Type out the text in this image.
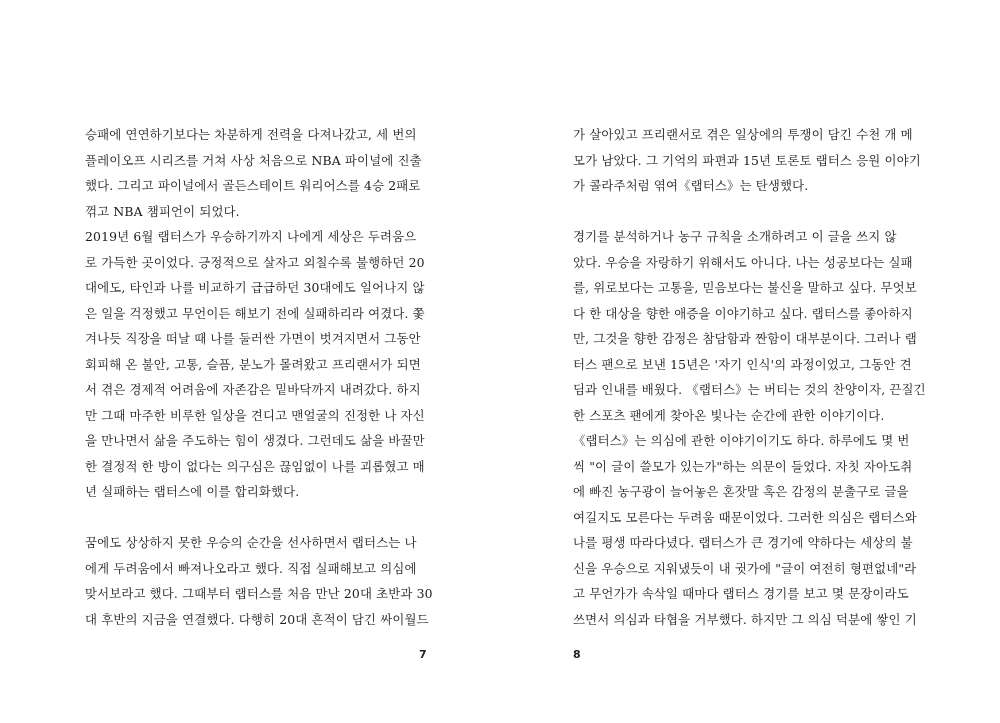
승패에 연연하기보다는 차분하게 전력을 다져나갔고, 세 번의
플레이오프 시리즈를 거쳐 사상 처음으로 NBA 파이널에 진출
했다. 그리고 파이널에서 골든스테이트 워리어스를 4승 2패로
꺾고 NBA 챔피언이 되었다.
2019년 6월 랩터스가 우승하기까지 나에게 세상은 두려움으
로 가득한 곳이었다. 긍정적으로 살자고 외칠수록 불행하던 20
대에도, 타인과 나를 비교하기 급급하던 30대에도 일어나지 않
은 일을 걱정했고 무언이든 해보기 전에 실패하리라 여겼다. 쫓
겨나듯 직장을 떠날 때 나를 둘러싼 가면이 벗겨지면서 그동안
회피해 온 불안, 고통, 슬픔, 분노가 몰려왔고 프리랜서가 되면
서 겪은 경제적 어려움에 자존감은 밑바닥까지 내려갔다. 하지
만 그때 마주한 비루한 일상을 견디고 맨얼굴의 진정한 나 자신
을 만나면서 삶을 주도하는 힘이 생겼다. 그런데도 삶을 바꿀만
한 결정적 한 방이 없다는 의구심은 끊임없이 나를 괴롭혔고 매
년 실패하는 랩터스에 이를 합리화했다.
꿈에도 상상하지 못한 우승의 순간을 선사하면서 랩터스는 나
에게 두려움에서 빠져나오라고 했다. 직접 실패해보고 의심에
맞서보라고 했다. 그때부터 랩터스를 처음 만난 20대 초반과 30
대 후반의 지금을 연결했다. 다행히 20대 흔적이 담긴 싸이월드
7
가 살아있고 프리랜서로 겪은 일상에의 투쟁이 담긴 수천 개 메
모가 남았다. 그 기억의 파편과 15년 토론토 랩터스 응원 이야기
가 콜라주처럼 엮여《랩터스》는 탄생했다.
경기를 분석하거나 농구 규칙을 소개하려고 이 글을 쓰지 않
았다. 우승을 자랑하기 위해서도 아니다. 나는 성공보다는 실패
를, 위로보다는 고통을, 믿음보다는 불신을 말하고 싶다. 무엇보
다 한 대상을 향한 애증을 이야기하고 싶다. 랩터스를 좋아하지
만, 그것을 향한 감정은 참담함과 짠함이 대부분이다. 그러나 랩
터스 팬으로 보낸 15년은 '자기 인식'의 과정이었고, 그동안 견
딤과 인내를 배웠다. 《랩터스》는 버티는 것의 찬양이자, 끈질긴
한 스포츠 팬에게 찾아온 빛나는 순간에 관한 이야기이다.
《랩터스》는 의심에 관한 이야기이기도 하다. 하루에도 몇 번
씩 "이 글이 쓸모가 있는가"하는 의문이 들었다. 자칫 자아도취
에 빠진 농구광이 늘어놓은 혼잣말 혹은 감정의 분출구로 글을
여길지도 모른다는 두려움 때문이었다. 그러한 의심은 랩터스와
나를 평생 따라다녔다. 랩터스가 큰 경기에 약하다는 세상의 불
신을 우승으로 지워냈듯이 내 귓가에 "글이 여전히 형편없네"라
고 무언가가 속삭일 때마다 랩터스 경기를 보고 몇 문장이라도
쓰면서 의심과 타협을 거부했다. 하지만 그 의심 덕분에 쌓인 기
8
